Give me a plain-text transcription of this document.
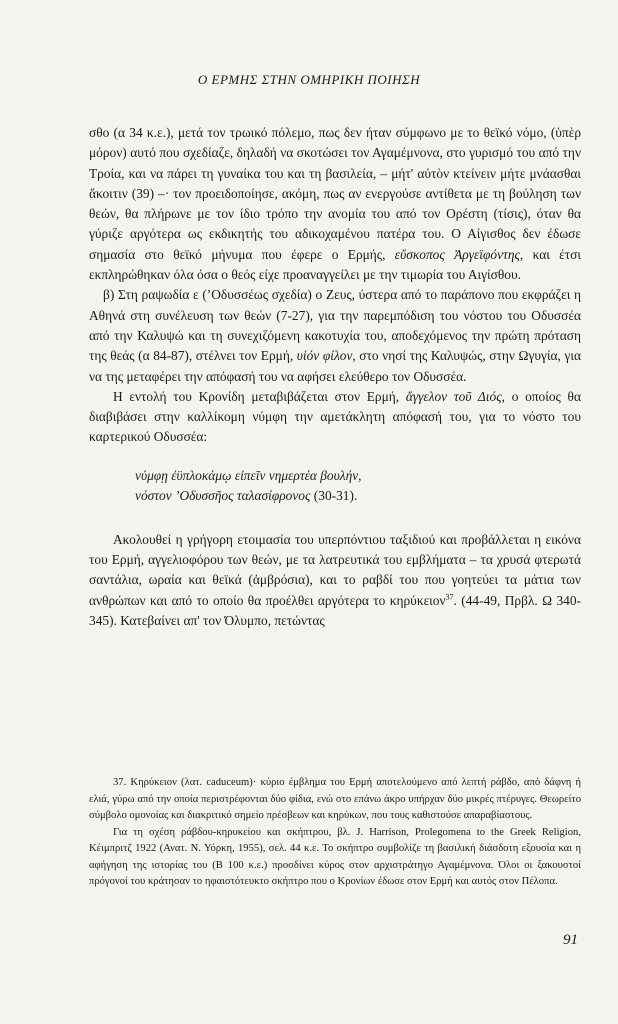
Ο ΕΡΜΗΣ ΣΤΗΝ ΟΜΗΡΙΚΗ ΠΟΙΗΣΗ

σθο (α 34 κ.ε.), μετά τον τρωικό πόλεμο, πως δεν ήταν σύμφωνο με το θεϊκό νόμο, (ὑπὲρ μόρον) αυτό που σχεδίαζε, δηλαδή να σκοτώσει τον Αγαμέμνονα, στο γυρισμό του από την Τροία, και να πάρει τη γυναίκα του και τη βασιλεία, – μήτ' αὐτὸν κτείνειν μήτε μνάασθαι ἄκοιτιν (39) –· τον προειδοποίησε, ακόμη, πως αν ενεργούσε αντίθετα με τη βούληση των θεών, θα πλήρωνε με τον ίδιο τρόπο την ανομία του από τον Ορέστη (τίσις), όταν θα γύριζε αργότερα ως εκδικητής του αδικοχαμένου πατέρα του. Ο Αίγισθος δεν έδωσε σημασία στο θεϊκό μήνυμα που έφερε ο Ερμής, εὔσκοπος Ἀργεϊφόντης, και έτσι εκπληρώθηκαν όλα όσα ο θεός είχε προαναγγείλει με την τιμωρία του Αιγίσθου.

β) Στη ραψωδία ε (’Οδυσσέως σχεδία) ο Ζευς, ύστερα από το παράπονο που εκφράζει η Αθηνά στη συνέλευση των θεών (7-27), για την παρεμπόδιση του νόστου του Οδυσσέα από την Καλυψώ και τη συνεχιζόμενη κακοτυχία του, αποδεχόμενος την πρώτη πρόταση της θεάς (α 84-87), στέλνει τον Ερμή, υἱόν φίλον, στο νησί της Καλυψώς, στην Ωγυγία, για να της μεταφέρει την απόφασή του να αφήσει ελεύθερο τον Οδυσσέα.

Η εντολή του Κρονίδη μεταβιβάζεται στον Ερμή, ἄγγελον τοῦ Διός, ο οποίος θα διαβιβάσει στην καλλίκομη νύμφη την αμετάκλητη απόφασή του, για το νόστο του καρτερικού Οδυσσέα:

νύμφῃ ἐϋπλοκάμῳ εἰπεῖν νημερτέα βουλήν,
νόστον ’Οδυσσῆος ταλασίφρονος (30-31).

Ακολουθεί η γρήγορη ετοιμασία του υπερπόντιου ταξιδιού και προβάλλεται η εικόνα του Ερμή, αγγελιοφόρου των θεών, με τα λατρευτικά του εμβλήματα – τα χρυσά φτερωτά σαντάλια, ωραία και θεϊκά (ἀμβρόσια), και το ραβδί του που γοητεύει τα μάτια των ανθρώπων και από το οποίο θα προέλθει αργότερα το κηρύκειον$^{37}$. (44-49, Πρβλ. Ω 340-345). Κατεβαίνει απ' τον Όλυμπο, πετώντας

37. Κηρύκειον (λατ. caduceum)· κύριο έμβλημα του Ερμή αποτελούμενο από λεπτή ράβδο, από δάφνη ή ελιά, γύρω από την οποία περιστρέφονται δύο φίδια, ενώ στο επάνω άκρο υπήρχαν δύο μικρές πτέρυγες. Θεωρείτο σύμβολο ομονοίας και διακριτικό σημείο πρέσβεων και κηρύκων, που τους καθιστούσε απαραβίαστους.

Για τη σχέση ράβδου-κηρυκείου και σκήπτρου, βλ. J. Harrison, Prolegomena to the Greek Religion, Κέιμπριτζ 1922 (Ανατ. Ν. Υόρκη, 1955), σελ. 44 κ.ε. Το σκήπτρο συμβολίζε τη βασιλική διάσδοτη εξουσία και η αφήγηση της ιστορίας του (Β 100 κ.ε.) προσδίνει κύρος στον αρχιστράτηγο Αγαμέμνονα. Όλοι οι ξακουστοί πρόγονοί του κράτησαν το ηφαιστότευκτο σκήπτρο που ο Κρονίων έδωσε στον Ερμή και αυτός στον Πέλοπα.

91
